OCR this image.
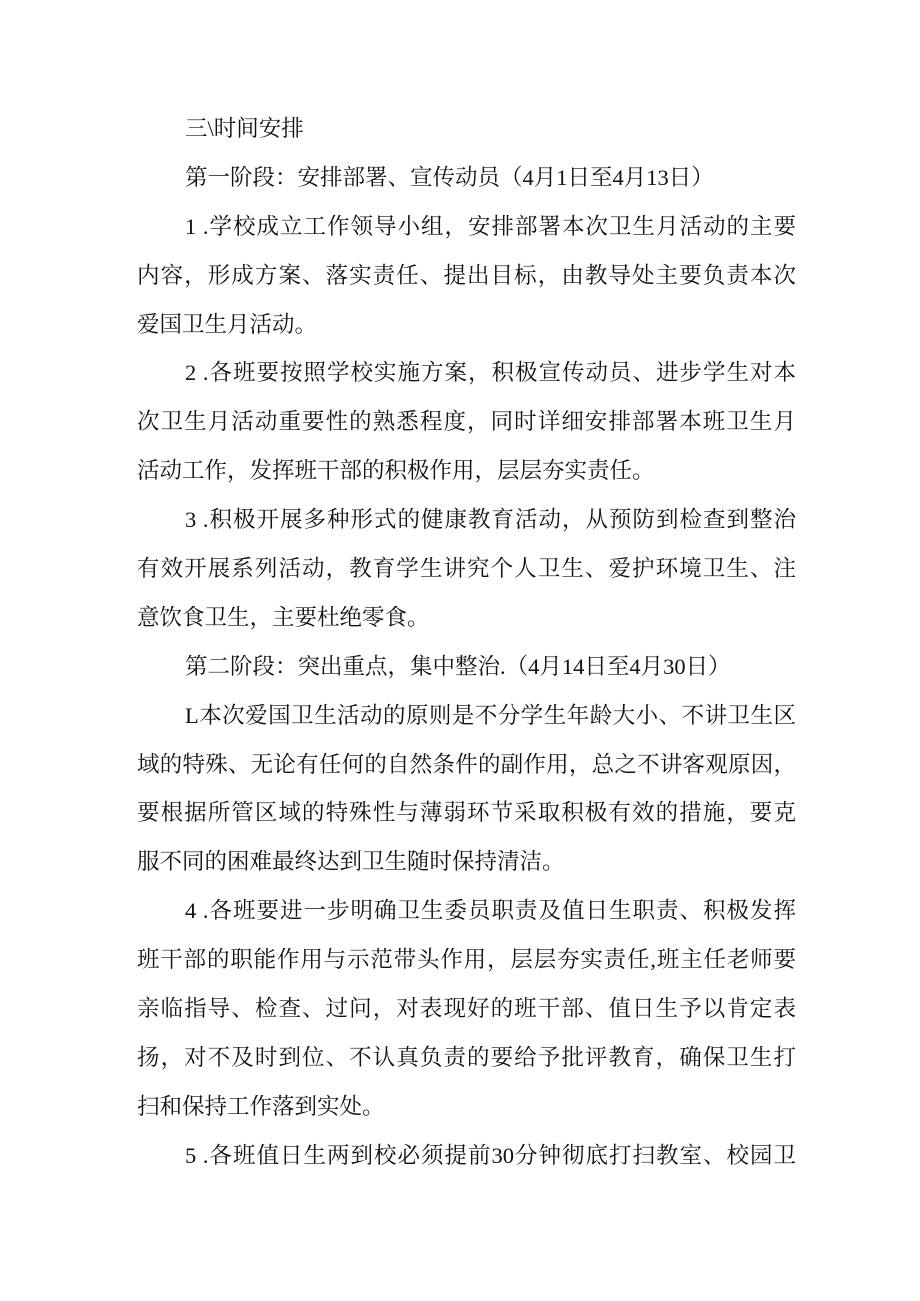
三\时间安排
第一阶段：安排部署、宣传动员（4月1日至4月13日）
1 .学校成立工作领导小组，安排部署本次卫生月活动的主要
内容，形成方案、落实责任、提出目标，由教导处主要负责本次
爱国卫生月活动。
2 .各班要按照学校实施方案，积极宣传动员、进步学生对本
次卫生月活动重要性的熟悉程度，同时详细安排部署本班卫生月
活动工作，发挥班干部的积极作用，层层夯实责任。
3 .积极开展多种形式的健康教育活动，从预防到检查到整治
有效开展系列活动，教育学生讲究个人卫生、爱护环境卫生、注
意饮食卫生，主要杜绝零食。
第二阶段：突出重点，集中整治.（4月14日至4月30日）
L本次爱国卫生活动的原则是不分学生年龄大小、不讲卫生区
域的特殊、无论有任何的自然条件的副作用，总之不讲客观原因，
要根据所管区域的特殊性与薄弱环节采取积极有效的措施，要克
服不同的困难最终达到卫生随时保持清洁。
4 .各班要进一步明确卫生委员职责及值日生职责、积极发挥
班干部的职能作用与示范带头作用，层层夯实责任,班主任老师要
亲临指导、检查、过问，对表现好的班干部、值日生予以肯定表
扬，对不及时到位、不认真负责的要给予批评教育，确保卫生打
扫和保持工作落到实处。
5 .各班值日生两到校必须提前30分钟彻底打扫教室、校园卫
